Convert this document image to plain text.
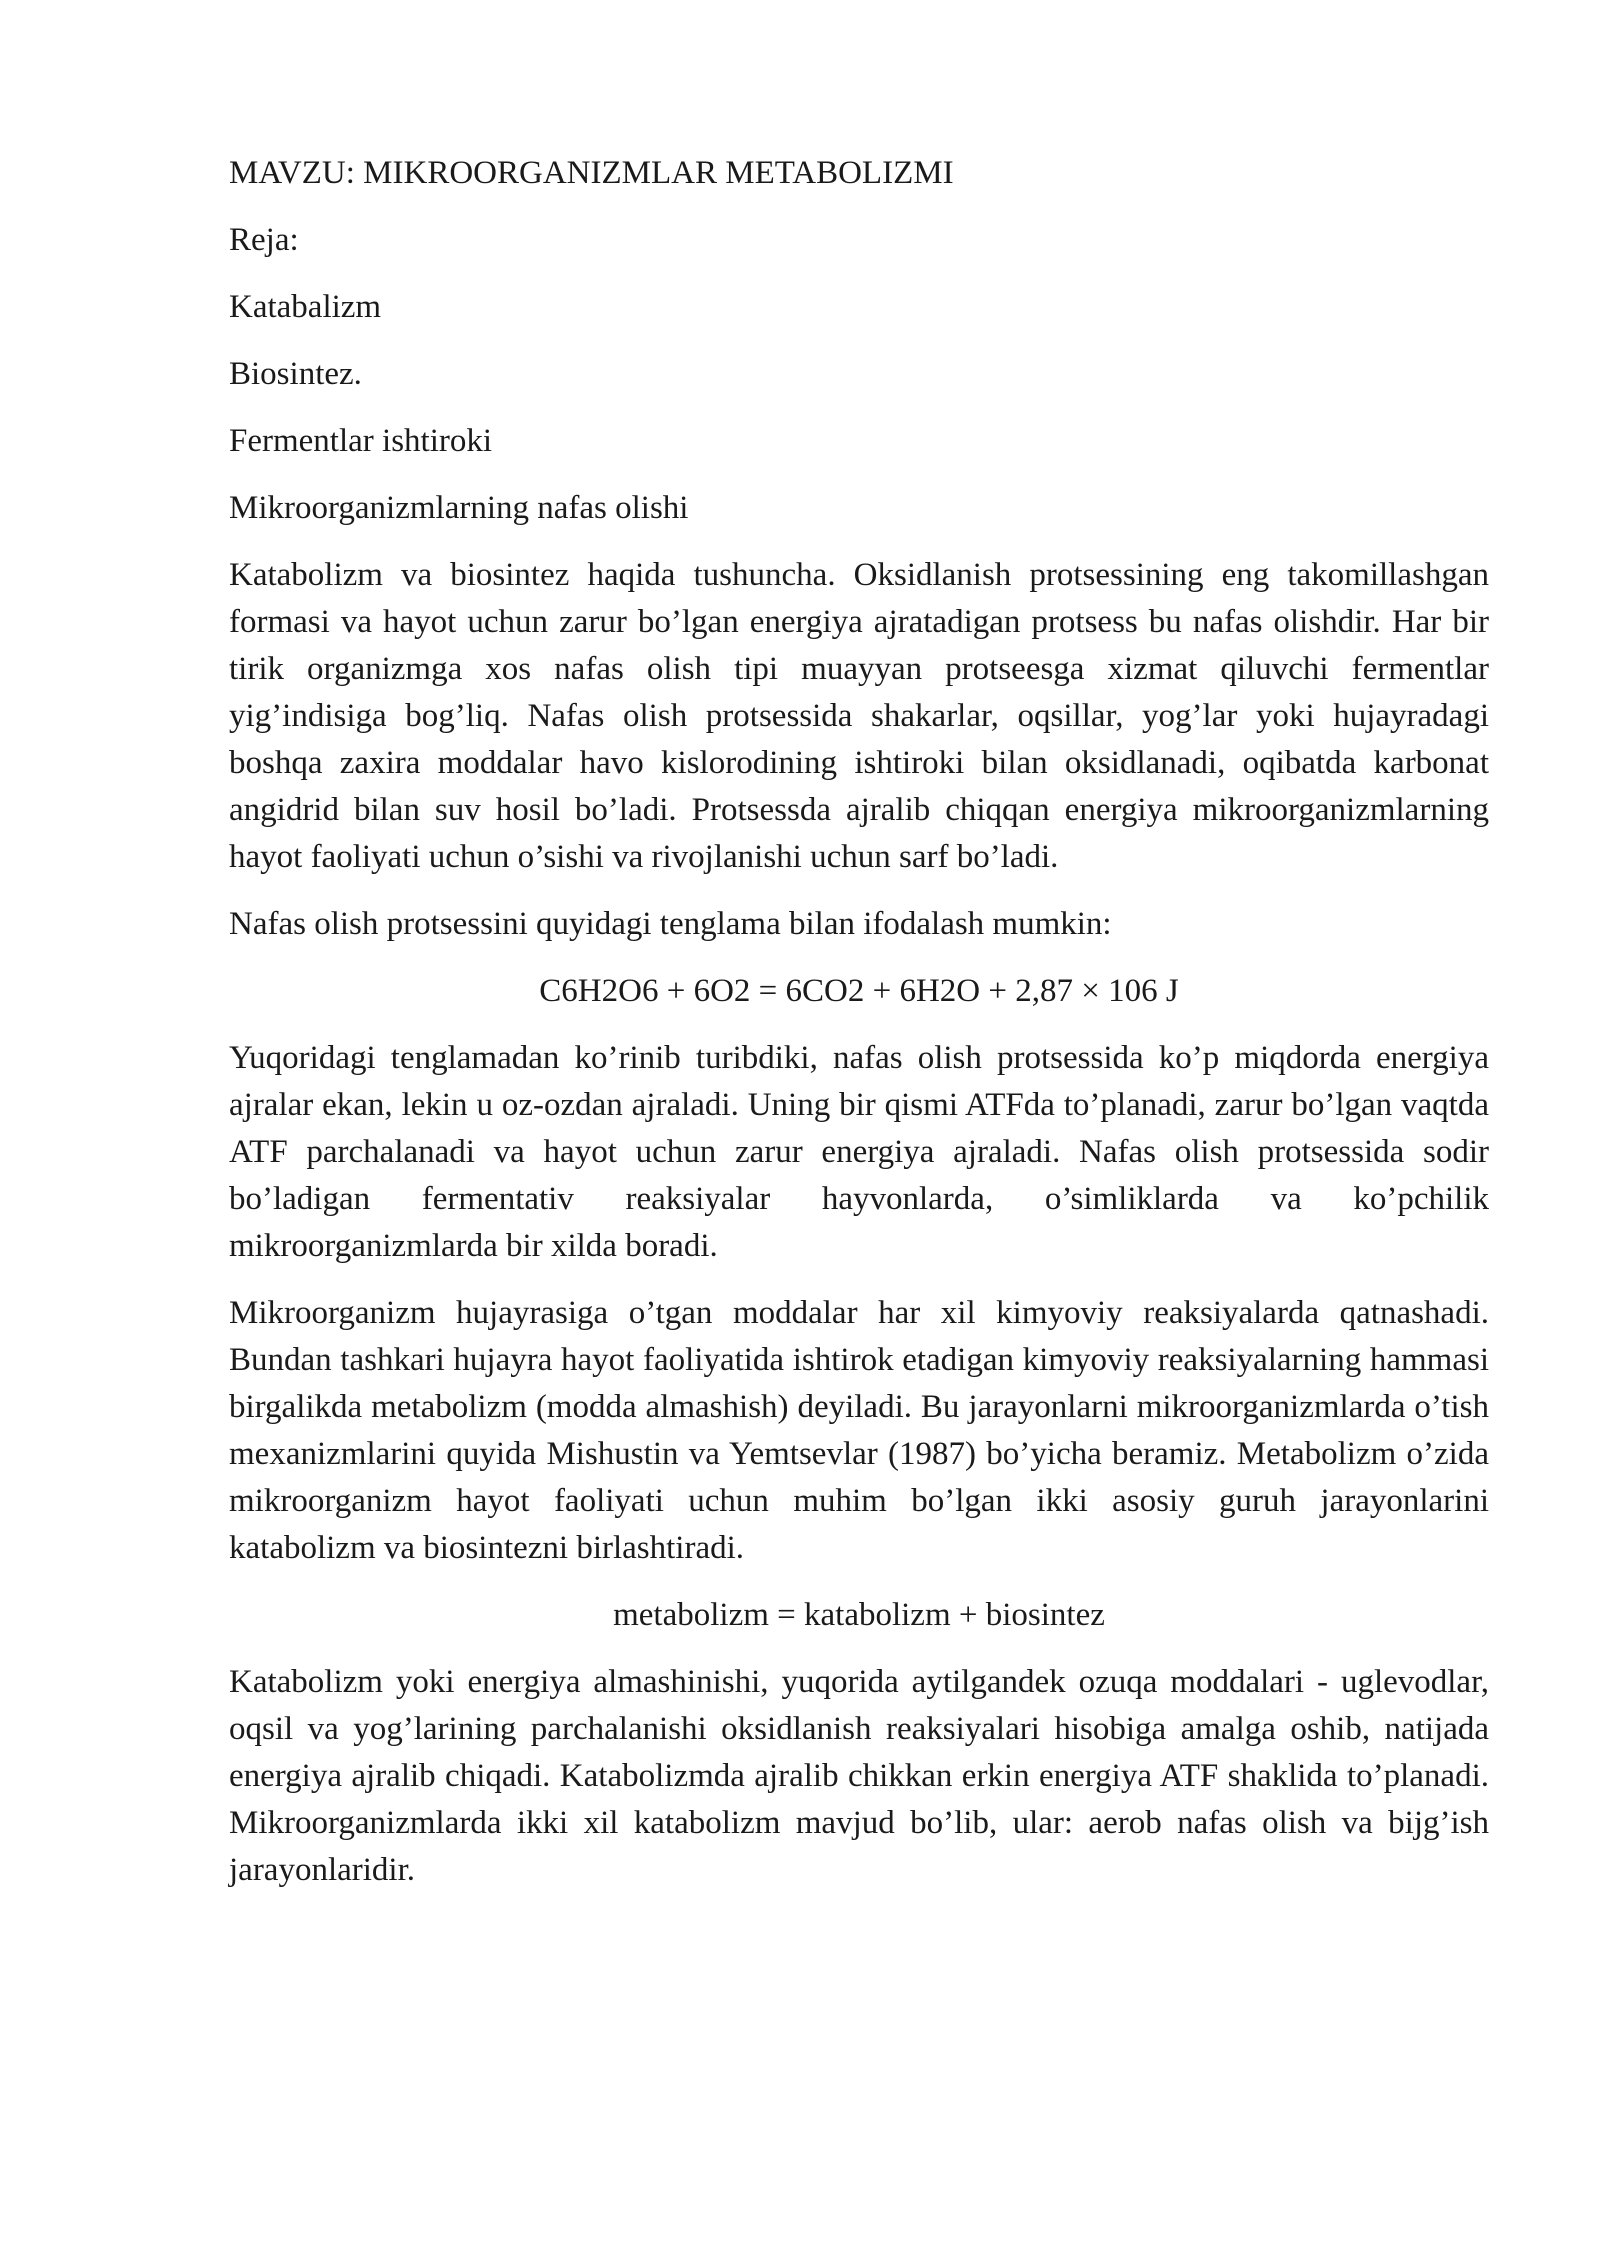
MAVZU: MIKROORGANIZMLAR METABOLIZMI
Reja:
Katabalizm
Biosintez.
Fermentlar ishtiroki
Mikroorganizmlarning nafas olishi

Katabolizm va biosintez haqida tushuncha. Oksidlanish protsessining eng takomillashgan formasi va hayot uchun zarur bo’lgan energiya ajratadigan protsess bu nafas olishdir. Har bir tirik organizmga xos nafas olish tipi muayyan protseesga xizmat qiluvchi fermentlar yig’indisiga bog’liq. Nafas olish protsessida shakarlar, oqsillar, yog’lar yoki hujayradagi boshqa zaxira moddalar havo kislorodining ishtiroki bilan oksidlanadi, oqibatda karbonat angidrid bilan suv hosil bo’ladi. Protsessda ajralib chiqqan energiya mikroorganizmlarning hayot faoliyati uchun o’sishi va rivojlanishi uchun sarf bo’ladi.

Nafas olish protsessini quyidagi tenglama bilan ifodalash mumkin:

C6H2O6 + 6O2 = 6CO2 + 6H2O + 2,87 × 106 J

Yuqoridagi tenglamadan ko’rinib turibdiki, nafas olish protsessida ko’p miqdorda energiya ajralar ekan, lekin u oz-ozdan ajraladi. Uning bir qismi ATFda to’planadi, zarur bo’lgan vaqtda ATF parchalanadi va hayot uchun zarur energiya ajraladi. Nafas olish protsessida sodir bo’ladigan fermentativ reaksiyalar hayvonlarda, o’simliklarda va ko’pchilik mikroorganizmlarda bir xilda boradi.

Mikroorganizm hujayrasiga o’tgan moddalar har xil kimyoviy reaksiyalarda qatnashadi. Bundan tashkari hujayra hayot faoliyatida ishtirok etadigan kimyoviy reaksiyalarning hammasi birgalikda metabolizm (modda almashish) deyiladi. Bu jarayonlarni mikroorganizmlarda o’tish mexanizmlarini quyida Mishustin va Yemtsevlar (1987) bo’yicha beramiz. Metabolizm o’zida mikroorganizm hayot faoliyati uchun muhim bo’lgan ikki asosiy guruh jarayonlarini katabolizm va biosintezni birlashtiradi.

metabolizm = katabolizm + biosintez

Katabolizm yoki energiya almashinishi, yuqorida aytilgandek ozuqa moddalari - uglevodlar, oqsil va yog’larining parchalanishi oksidlanish reaksiyalari hisobiga amalga oshib, natijada energiya ajralib chiqadi. Katabolizmda ajralib chikkan erkin energiya ATF shaklida to’planadi. Mikroorganizmlarda ikki xil katabolizm mavjud bo’lib, ular: aerob nafas olish va bijg’ish jarayonlaridir.
